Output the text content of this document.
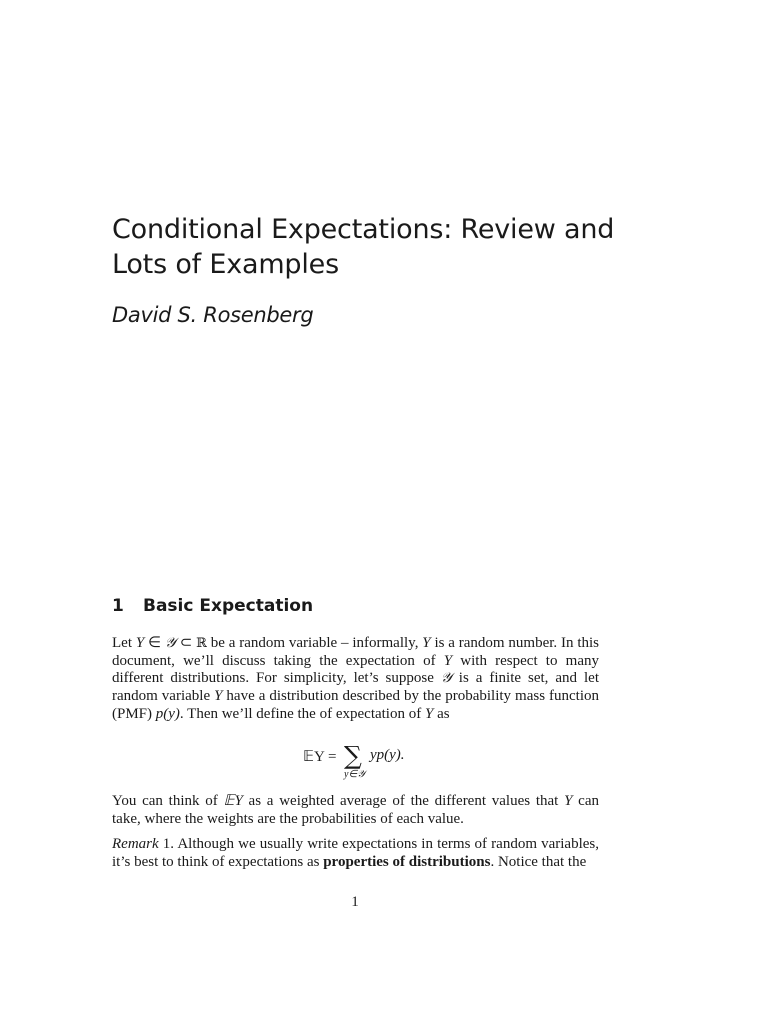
Conditional Expectations: Review and Lots of Examples
David S. Rosenberg
1 Basic Expectation

Let Y ∈ 𝒴 ⊂ ℝ be a random variable – informally, Y is a random number. In this document, we’ll discuss taking the expectation of Y with respect to many different distributions. For simplicity, let’s suppose 𝒴 is a finite set, and let random variable Y have a distribution described by the probability mass function (PMF) p(y). Then we’ll define the of expectation of Y as

𝔼Y = ∑
y∈𝒴
yp(y).

You can think of 𝔼Y as a weighted average of the different values that Y can take, where the weights are the probabilities of each value.

Remark 1. Although we usually write expectations in terms of random variables, it’s best to think of expectations as properties of distributions. Notice that the

1
